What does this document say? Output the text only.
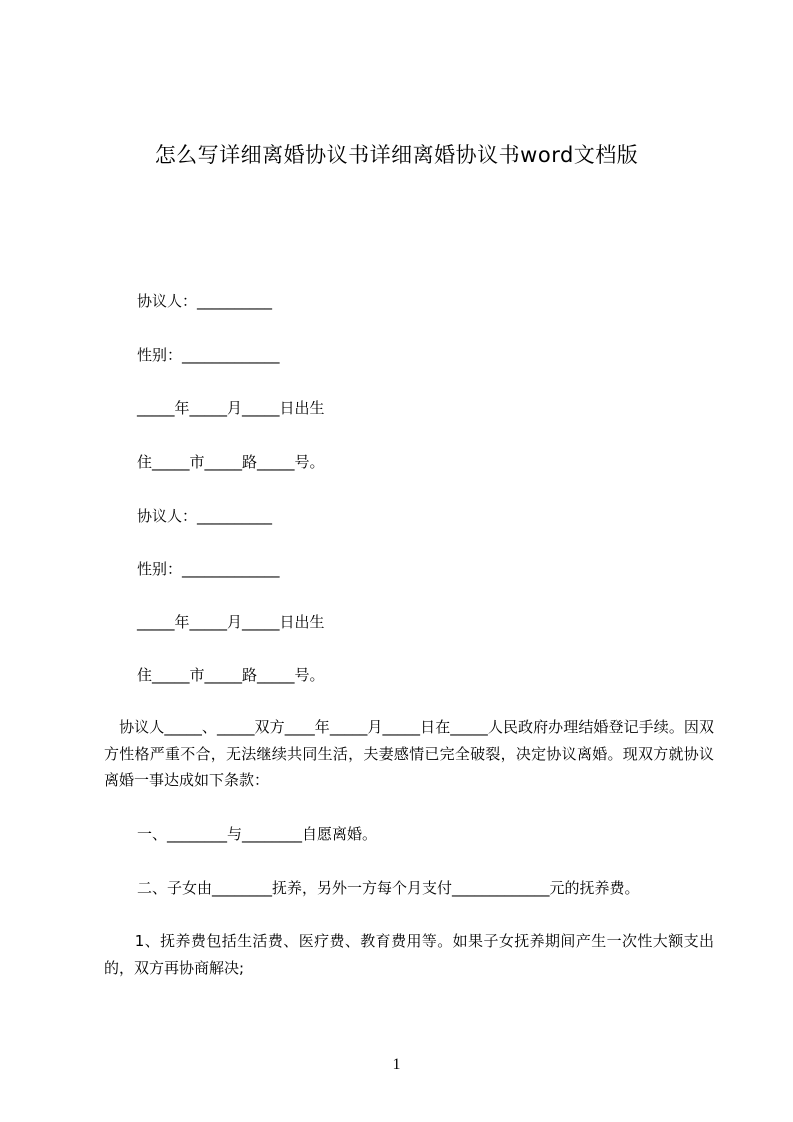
怎么写详细离婚协议书详细离婚协议书word文档版
协议人：__________
性别：_____________
_____年_____月_____日出生
住_____市_____路_____号。
协议人：__________
性别：_____________
_____年_____月_____日出生
住_____市_____路_____号。

　协议人_____、_____双方____年_____月_____日在_____人民政府办理结婚登记手续。因双方性格严重不合，无法继续共同生活，夫妻感情已完全破裂，决定协议离婚。现双方就协议离婚一事达成如下条款：

一、________与________自愿离婚。
二、子女由________抚养，另外一方每个月支付_____________元的抚养费。

　　1、抚养费包括生活费、医疗费、教育费用等。如果子女抚养期间产生一次性大额支出的，双方再协商解决;

1
